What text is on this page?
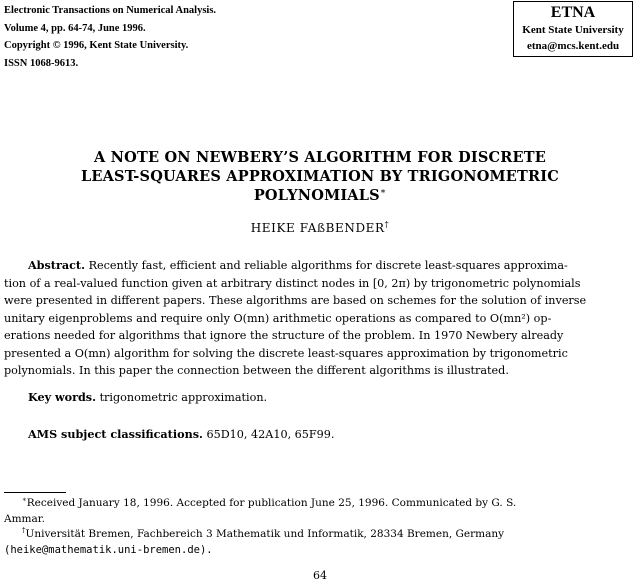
Electronic Transactions on Numerical Analysis.
Volume 4, pp. 64-74, June 1996.
Copyright © 1996, Kent State University.
ISSN 1068-9613.
ETNA
Kent State University
etna@mcs.kent.edu
A NOTE ON NEWBERY’S ALGORITHM FOR DISCRETE
LEAST-SQUARES APPROXIMATION BY TRIGONOMETRIC
POLYNOMIALS∗
HEIKE FAßBENDER†
Abstract. Recently fast, efficient and reliable algorithms for discrete least-squares approxima-
tion of a real-valued function given at arbitrary distinct nodes in [0, 2π) by trigonometric polynomials
were presented in different papers. These algorithms are based on schemes for the solution of inverse
unitary eigenproblems and require only O(mn) arithmetic operations as compared to O(mn²) op-
erations needed for algorithms that ignore the structure of the problem. In 1970 Newbery already
presented a O(mn) algorithm for solving the discrete least-squares approximation by trigonometric
polynomials. In this paper the connection between the different algorithms is illustrated.
Key words. trigonometric approximation.
AMS subject classifications. 65D10, 42A10, 65F99.
∗Received January 18, 1996. Accepted for publication June 25, 1996. Communicated by G. S.
Ammar.
†Universität Bremen, Fachbereich 3 Mathematik und Informatik, 28334 Bremen, Germany
(heike@mathematik.uni-bremen.de).
64
